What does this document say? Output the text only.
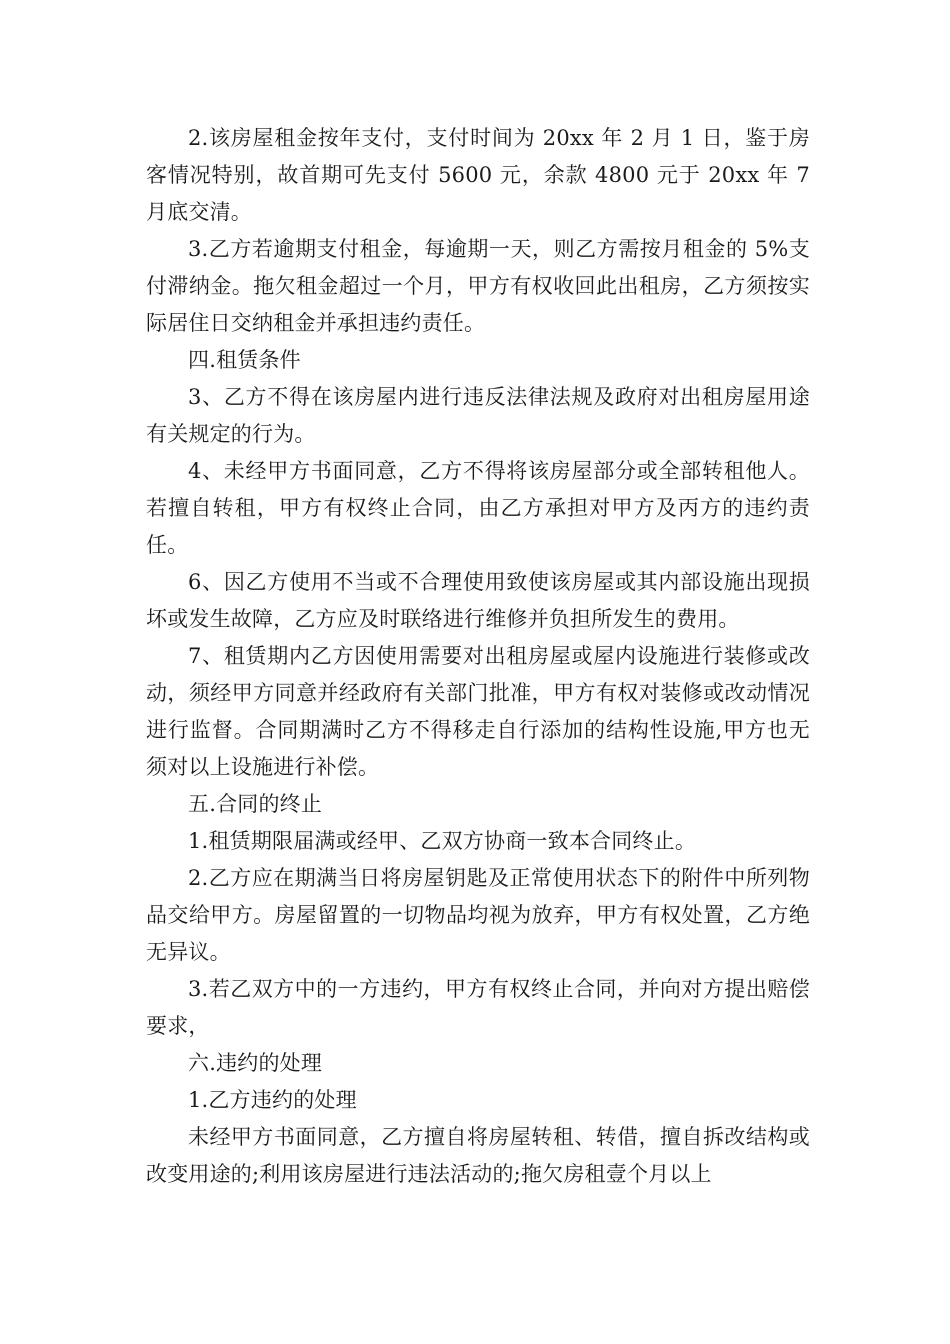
2.该房屋租金按年支付，支付时间为 20xx 年 2 月 1 日，鉴于房客情况特别，故首期可先支付 5600 元，余款 4800 元于 20xx 年 7 月底交清。

3.乙方若逾期支付租金，每逾期一天，则乙方需按月租金的 5%支付滞纳金。拖欠租金超过一个月，甲方有权收回此出租房，乙方须按实际居住日交纳租金并承担违约责任。

四.租赁条件

3、乙方不得在该房屋内进行违反法律法规及政府对出租房屋用途有关规定的行为。

4、未经甲方书面同意，乙方不得将该房屋部分或全部转租他人。若擅自转租，甲方有权终止合同，由乙方承担对甲方及丙方的违约责任。

6、因乙方使用不当或不合理使用致使该房屋或其内部设施出现损坏或发生故障，乙方应及时联络进行维修并负担所发生的费用。

7、租赁期内乙方因使用需要对出租房屋或屋内设施进行装修或改动，须经甲方同意并经政府有关部门批准，甲方有权对装修或改动情况进行监督。合同期满时乙方不得移走自行添加的结构性设施,甲方也无须对以上设施进行补偿。

五.合同的终止

1.租赁期限届满或经甲、乙双方协商一致本合同终止。

2.乙方应在期满当日将房屋钥匙及正常使用状态下的附件中所列物品交给甲方。房屋留置的一切物品均视为放弃，甲方有权处置，乙方绝无异议。

3.若乙双方中的一方违约，甲方有权终止合同，并向对方提出赔偿要求，

六.违约的处理

1.乙方违约的处理

未经甲方书面同意，乙方擅自将房屋转租、转借，擅自拆改结构或改变用途的;利用该房屋进行违法活动的;拖欠房租壹个月以上
